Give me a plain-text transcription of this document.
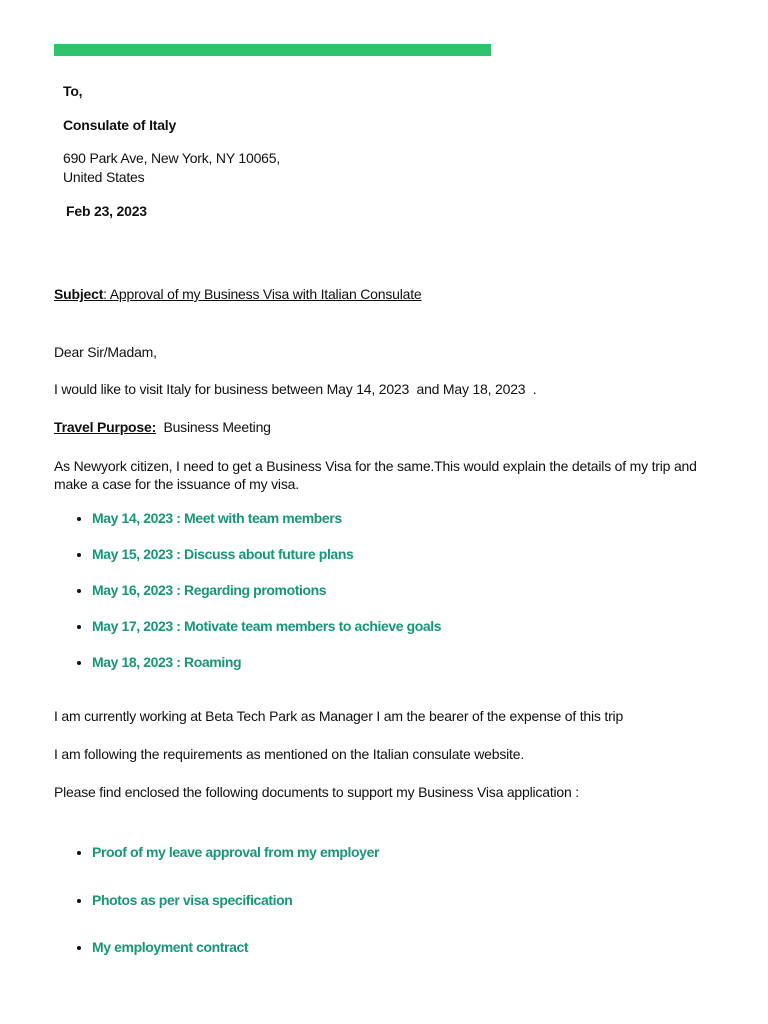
To,
Consulate of Italy
690 Park Ave, New York, NY 10065,
United States
Feb 23, 2023
Subject: Approval of my Business Visa with Italian Consulate
Dear Sir/Madam,
I would like to visit Italy for business between May 14, 2023  and May 18, 2023  .
Travel Purpose: Business Meeting
As Newyork citizen, I need to get a Business Visa for the same.This would explain the details of my trip and make a case for the issuance of my visa.
• May 14, 2023 : Meet with team members
• May 15, 2023 : Discuss about future plans
• May 16, 2023 : Regarding promotions
• May 17, 2023 : Motivate team members to achieve goals
• May 18, 2023 : Roaming
I am currently working at Beta Tech Park as Manager I am the bearer of the expense of this trip
I am following the requirements as mentioned on the Italian consulate website.
Please find enclosed the following documents to support my Business Visa application :
• Proof of my leave approval from my employer
• Photos as per visa specification
• My employment contract
